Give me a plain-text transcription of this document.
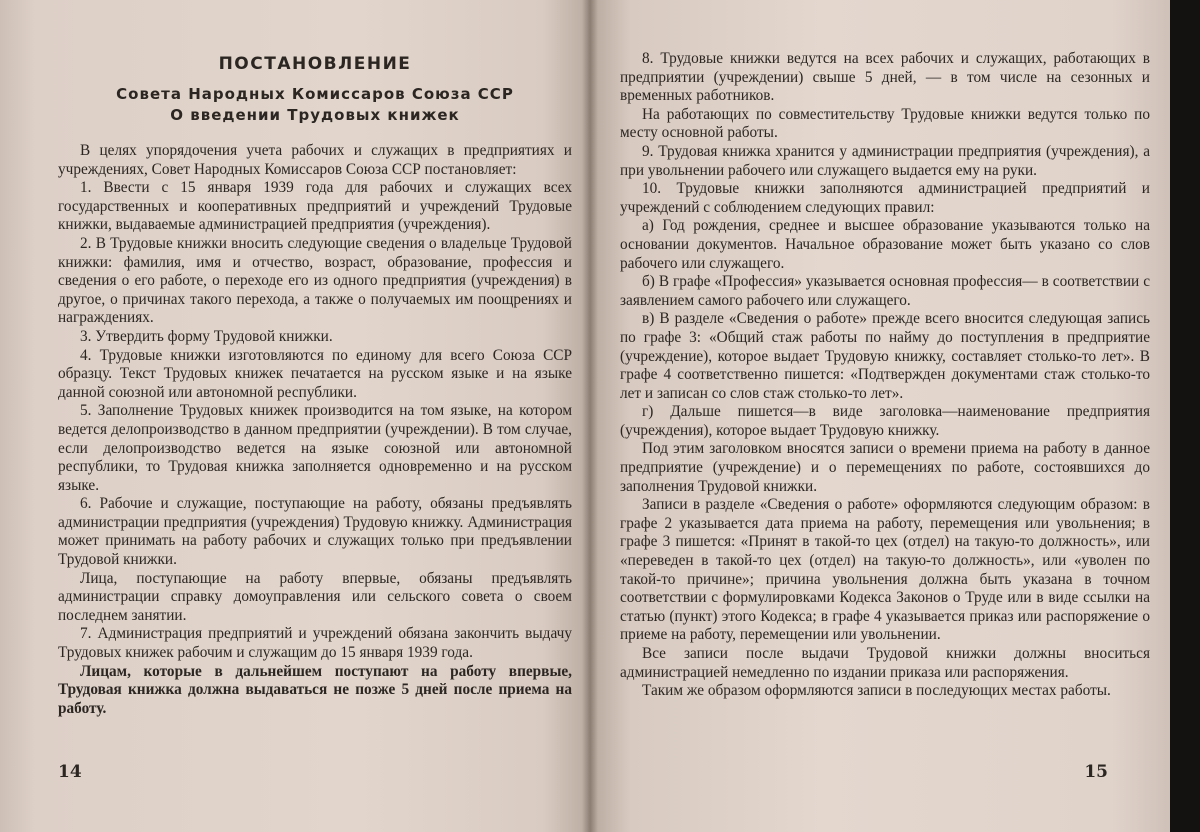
ПОСТАНОВЛЕНИЕ
Совета Народных Комиссаров Союза ССР
О введении Трудовых книжек

В целях упорядочения учета рабочих и служащих в предприятиях и учреждениях, Совет Народных Комиссаров Союза ССР постановляет:

1. Ввести с 15 января 1939 года для рабочих и служащих всех государственных и кооперативных предприятий и учреждений Трудовые книжки, выдаваемые администрацией предприятия (учреждения).

2. В Трудовые книжки вносить следующие сведения о владельце Трудовой книжки: фамилия, имя и отчество, возраст, образование, профессия и сведения о его работе, о переходе его из одного предприятия (учреждения) в другое, о причинах такого перехода, а также о получаемых им поощрениях и награждениях.

3. Утвердить форму Трудовой книжки.

4. Трудовые книжки изготовляются по единому для всего Союза ССР образцу. Текст Трудовых книжек печатается на русском языке и на языке данной союзной или автономной республики.

5. Заполнение Трудовых книжек производится на том языке, на котором ведется делопроизводство в данном предприятии (учреждении). В том случае, если делопроизводство ведется на языке союзной или автономной республики, то Трудовая книжка заполняется одновременно и на русском языке.

6. Рабочие и служащие, поступающие на работу, обязаны предъявлять администрации предприятия (учреждения) Трудовую книжку. Администрация может принимать на работу рабочих и служащих только при предъявлении Трудовой книжки.

Лица, поступающие на работу впервые, обязаны предъявлять администрации справку домоуправления или сельского совета о своем последнем занятии.

7. Администрация предприятий и учреждений обязана закончить выдачу Трудовых книжек рабочим и служащим до 15 января 1939 года.

Лицам, которые в дальнейшем поступают на работу впервые, Трудовая книжка должна выдаваться не позже 5 дней после приема на работу.

14

8. Трудовые книжки ведутся на всех рабочих и служащих, работающих в предприятии (учреждении) свыше 5 дней, — в том числе на сезонных и временных работников.

На работающих по совместительству Трудовые книжки ведутся только по месту основной работы.

9. Трудовая книжка хранится у администрации предприятия (учреждения), а при увольнении рабочего или служащего выдается ему на руки.

10. Трудовые книжки заполняются администрацией предприятий и учреждений с соблюдением следующих правил:

а) Год рождения, среднее и высшее образование указываются только на основании документов. Начальное образование может быть указано со слов рабочего или служащего.

б) В графе «Профессия» указывается основная профессия— в соответствии с заявлением самого рабочего или служащего.

в) В разделе «Сведения о работе» прежде всего вносится следующая запись по графе 3: «Общий стаж работы по найму до поступления в предприятие (учреждение), которое выдает Трудовую книжку, составляет столько-то лет». В графе 4 соответственно пишется: «Подтвержден документами стаж столько-то лет и записан со слов стаж столько-то лет».

г) Дальше пишется—в виде заголовка—наименование предприятия (учреждения), которое выдает Трудовую книжку.

Под этим заголовком вносятся записи о времени приема на работу в данное предприятие (учреждение) и о перемещениях по работе, состоявшихся до заполнения Трудовой книжки.

Записи в разделе «Сведения о работе» оформляются следующим образом: в графе 2 указывается дата приема на работу, перемещения или увольнения; в графе 3 пишется: «Принят в такой-то цех (отдел) на такую-то должность», или «переведен в такой-то цех (отдел) на такую-то должность», или «уволен по такой-то причине»; причина увольнения должна быть указана в точном соответствии с формулировками Кодекса Законов о Труде или в виде ссылки на статью (пункт) этого Кодекса; в графе 4 указывается приказ или распоряжение о приеме на работу, перемещении или увольнении.

Все записи после выдачи Трудовой книжки должны вноситься администрацией немедленно по издании приказа или распоряжения.

Таким же образом оформляются записи в последующих местах работы.

15
